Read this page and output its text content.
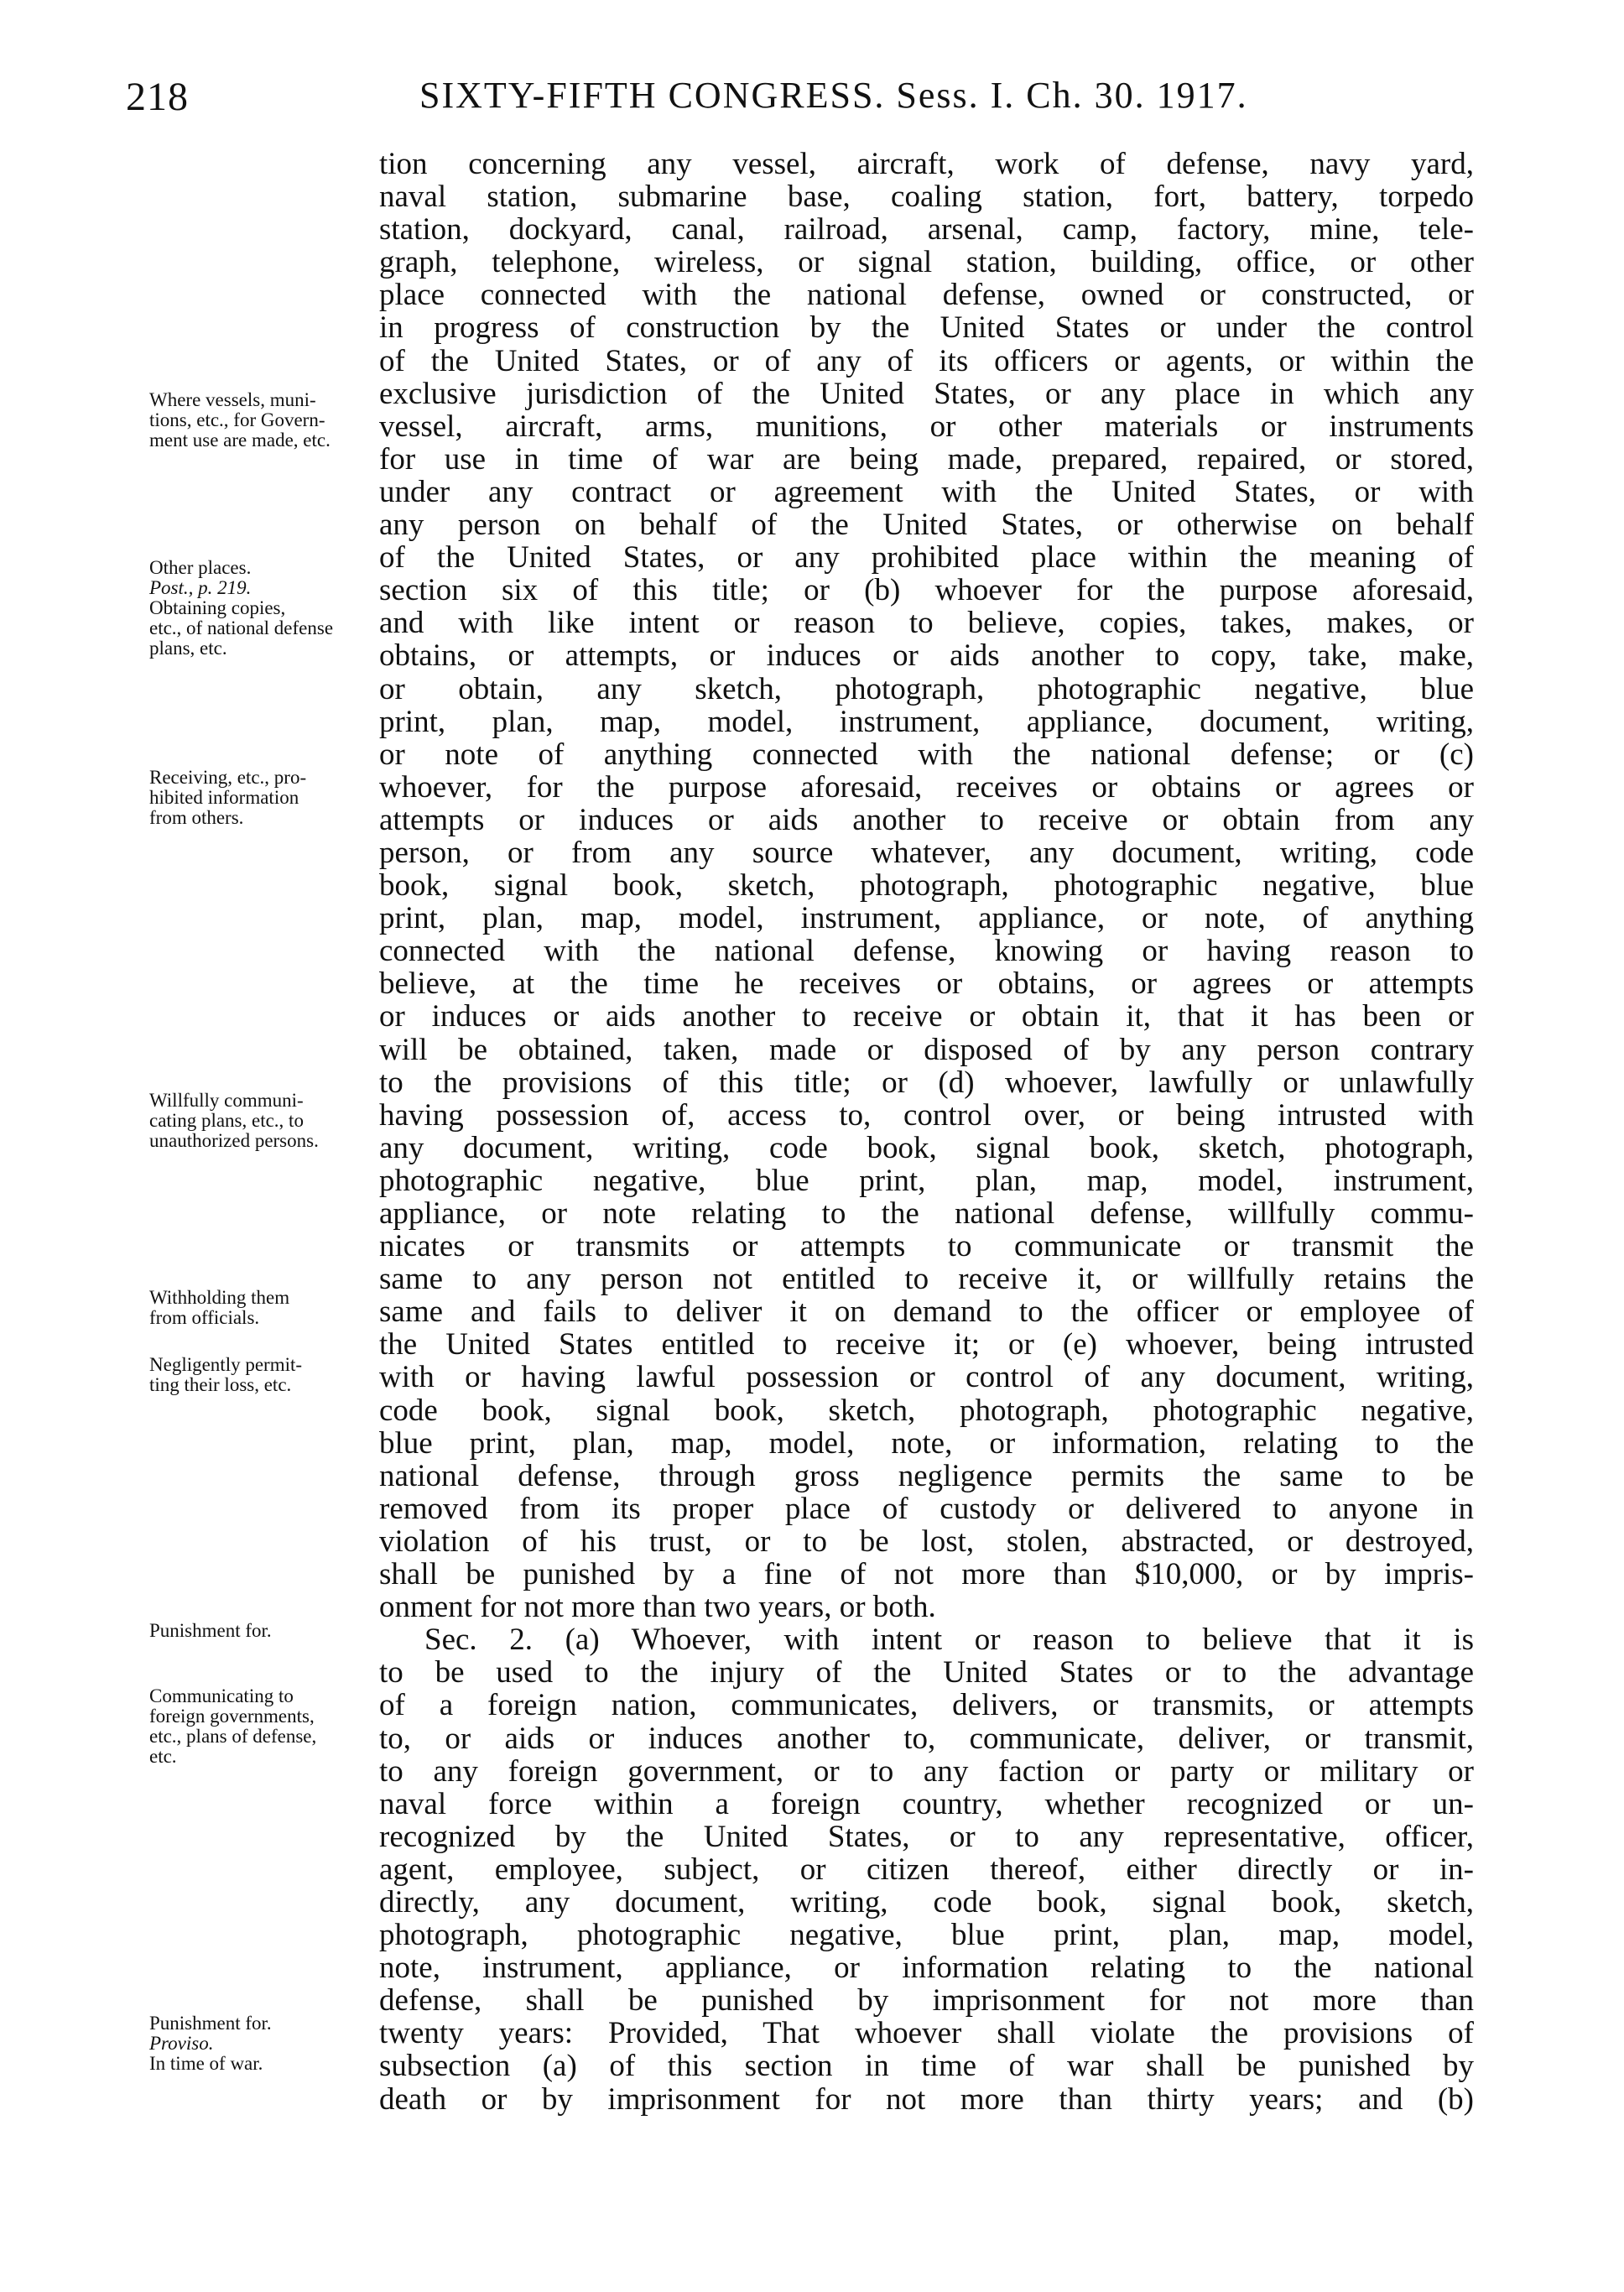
218	SIXTY-FIFTH CONGRESS. Sess. I. Ch. 30. 1917.
Where vessels, muni-
tions, etc., for Govern-
ment use are made, etc.
Other places.
Post., p. 219.
Obtaining copies,
etc., of national defense
plans, etc.
Receiving, etc., pro-
hibited information
from others.
Willfully communi-
cating plans, etc., to
unauthorized persons.
Withholding them
from officials.
Negligently permit-
ting their loss, etc.
Punishment for.
Communicating to
foreign governments,
etc., plans of defense,
etc.
Punishment for.
Proviso.
In time of war.
tion concerning any vessel, aircraft, work of defense, navy yard,
naval station, submarine base, coaling station, fort, battery, torpedo
station, dockyard, canal, railroad, arsenal, camp, factory, mine, tele-
graph, telephone, wireless, or signal station, building, office, or other
place connected with the national defense, owned or constructed, or
in progress of construction by the United States or under the control
of the United States, or of any of its officers or agents, or within the
exclusive jurisdiction of the United States, or any place in which any
vessel, aircraft, arms, munitions, or other materials or instruments
for use in time of war are being made, prepared, repaired, or stored,
under any contract or agreement with the United States, or with
any person on behalf of the United States, or otherwise on behalf
of the United States, or any prohibited place within the meaning of
section six of this title; or (b) whoever for the purpose aforesaid,
and with like intent or reason to believe, copies, takes, makes, or
obtains, or attempts, or induces or aids another to copy, take, make,
or obtain, any sketch, photograph, photographic negative, blue
print, plan, map, model, instrument, appliance, document, writing,
or note of anything connected with the national defense; or (c)
whoever, for the purpose aforesaid, receives or obtains or agrees or
attempts or induces or aids another to receive or obtain from any
person, or from any source whatever, any document, writing, code
book, signal book, sketch, photograph, photographic negative, blue
print, plan, map, model, instrument, appliance, or note, of anything
connected with the national defense, knowing or having reason to
believe, at the time he receives or obtains, or agrees or attempts
or induces or aids another to receive or obtain it, that it has been or
will be obtained, taken, made or disposed of by any person contrary
to the provisions of this title; or (d) whoever, lawfully or unlawfully
having possession of, access to, control over, or being intrusted with
any document, writing, code book, signal book, sketch, photograph,
photographic negative, blue print, plan, map, model, instrument,
appliance, or note relating to the national defense, willfully commu-
nicates or transmits or attempts to communicate or transmit the
same to any person not entitled to receive it, or willfully retains the
same and fails to deliver it on demand to the officer or employee of
the United States entitled to receive it; or (e) whoever, being intrusted
with or having lawful possession or control of any document, writing,
code book, signal book, sketch, photograph, photographic negative,
blue print, plan, map, model, note, or information, relating to the
national defense, through gross negligence permits the same to be
removed from its proper place of custody or delivered to anyone in
violation of his trust, or to be lost, stolen, abstracted, or destroyed,
shall be punished by a fine of not more than $10,000, or by impris-
onment for not more than two years, or both.
Sec. 2. (a) Whoever, with intent or reason to believe that it is
to be used to the injury of the United States or to the advantage
of a foreign nation, communicates, delivers, or transmits, or attempts
to, or aids or induces another to, communicate, deliver, or transmit,
to any foreign government, or to any faction or party or military or
naval force within a foreign country, whether recognized or un-
recognized by the United States, or to any representative, officer,
agent, employee, subject, or citizen thereof, either directly or in-
directly, any document, writing, code book, signal book, sketch,
photograph, photographic negative, blue print, plan, map, model,
note, instrument, appliance, or information relating to the national
defense, shall be punished by imprisonment for not more than
twenty years: Provided, That whoever shall violate the provisions of
subsection (a) of this section in time of war shall be punished by
death or by imprisonment for not more than thirty years; and (b)
